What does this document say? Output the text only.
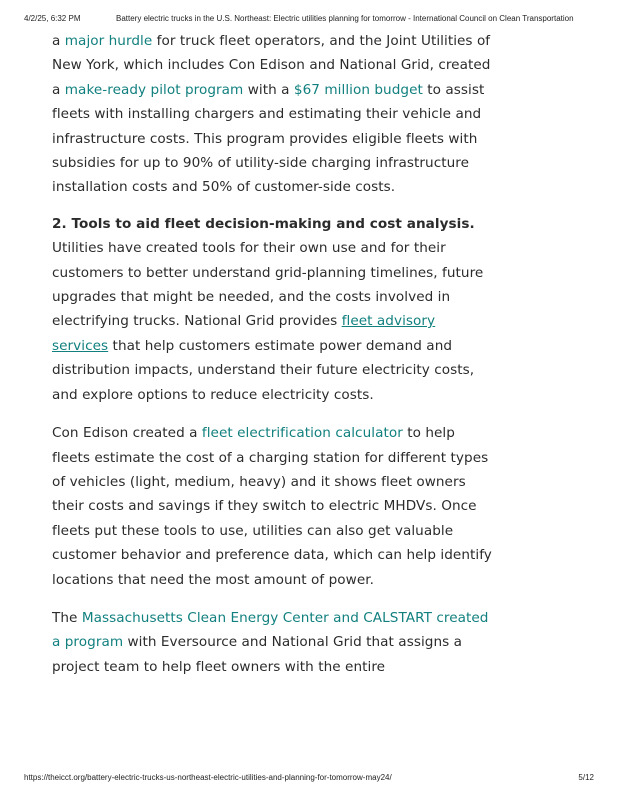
4/2/25, 6:32 PM	Battery electric trucks in the U.S. Northeast: Electric utilities planning for tomorrow - International Council on Clean Transportation

a major hurdle for truck fleet operators, and the Joint Utilities of New York, which includes Con Edison and National Grid, created a make-ready pilot program with a $67 million budget to assist fleets with installing chargers and estimating their vehicle and infrastructure costs. This program provides eligible fleets with subsidies for up to 90% of utility-side charging infrastructure installation costs and 50% of customer-side costs.

2. Tools to aid fleet decision-making and cost analysis. Utilities have created tools for their own use and for their customers to better understand grid-planning timelines, future upgrades that might be needed, and the costs involved in electrifying trucks. National Grid provides fleet advisory services that help customers estimate power demand and distribution impacts, understand their future electricity costs, and explore options to reduce electricity costs.

Con Edison created a fleet electrification calculator to help fleets estimate the cost of a charging station for different types of vehicles (light, medium, heavy) and it shows fleet owners their costs and savings if they switch to electric MHDVs. Once fleets put these tools to use, utilities can also get valuable customer behavior and preference data, which can help identify locations that need the most amount of power.

The Massachusetts Clean Energy Center and CALSTART created a program with Eversource and National Grid that assigns a project team to help fleet owners with the entire

https://theicct.org/battery-electric-trucks-us-northeast-electric-utilities-and-planning-for-tomorrow-may24/	5/12
